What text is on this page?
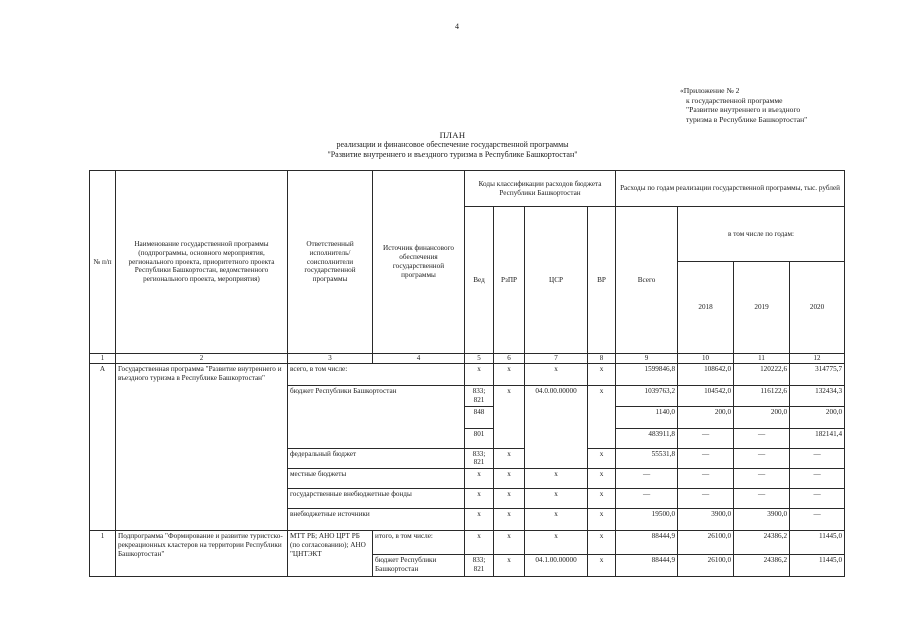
4
«Приложение № 2
к государственной программе
"Развитие внутреннего и въездного
туризма в Республике Башкортостан"
ПЛАН
реализации и финансовое обеспечение государственной программы
"Развитие внутреннего и въездного туризма в Республике Башкортостан"
№ п/п	Наименование государственной программы (подпрограммы, основного мероприятия, регионального проекта, приоритетного проекта Республики Башкортостан, ведомственного регионального проекта, мероприятия)	Ответственный исполнитель/ соисполнители государственной программы	Источник финансового обеспечения государственной программы	Коды классификации расходов бюджета Республики Башкортостан				Расходы по годам реализации государственной программы, тыс. рублей			
				Вед	РзПР	ЦСР	ВР	Всего	в том числе по годам:		
									2018	2019	2020
1	2	3	4	5	6	7	8	9	10	11	12
А	Государственная программа "Развитие внутреннего и въездного туризма в Республике Башкортостан"	всего, в том числе:		x	x	x	x	1599846,8	108642,0	120222,6	314775,7
		бюджет Республики Башкортостан		833; 821	x	04.0.00.00000	x	1039763,2	104542,0	116122,6	132434,3
				848				1140,0	200,0	200,0	200,0
				801				483911,8	—	—	182141,4
		федеральный бюджет		833; 821	x		x	55531,8	—	—	—
		местные бюджеты		x	x	x	x	—	—	—	—
		государственные внебюджетные фонды		x	x	x	x	—	—	—	—
		внебюджетные источники		x	x	x	x	19500,0	3900,0	3900,0	—
1	Подпрограмма "Формирование и развитие туристско-рекреационных кластеров на территории Республики Башкортостан"	МТТ РБ; АНО ЦРТ РБ (по согласованию); АНО "ЦНТЭКТ	итого, в том числе:	x	x	x	x	88444,9	26100,0	24386,2	11445,0
			бюджет Республики Башкортостан	833; 821	x	04.1.00.00000	x	88444,9	26100,0	24386,2	11445,0
